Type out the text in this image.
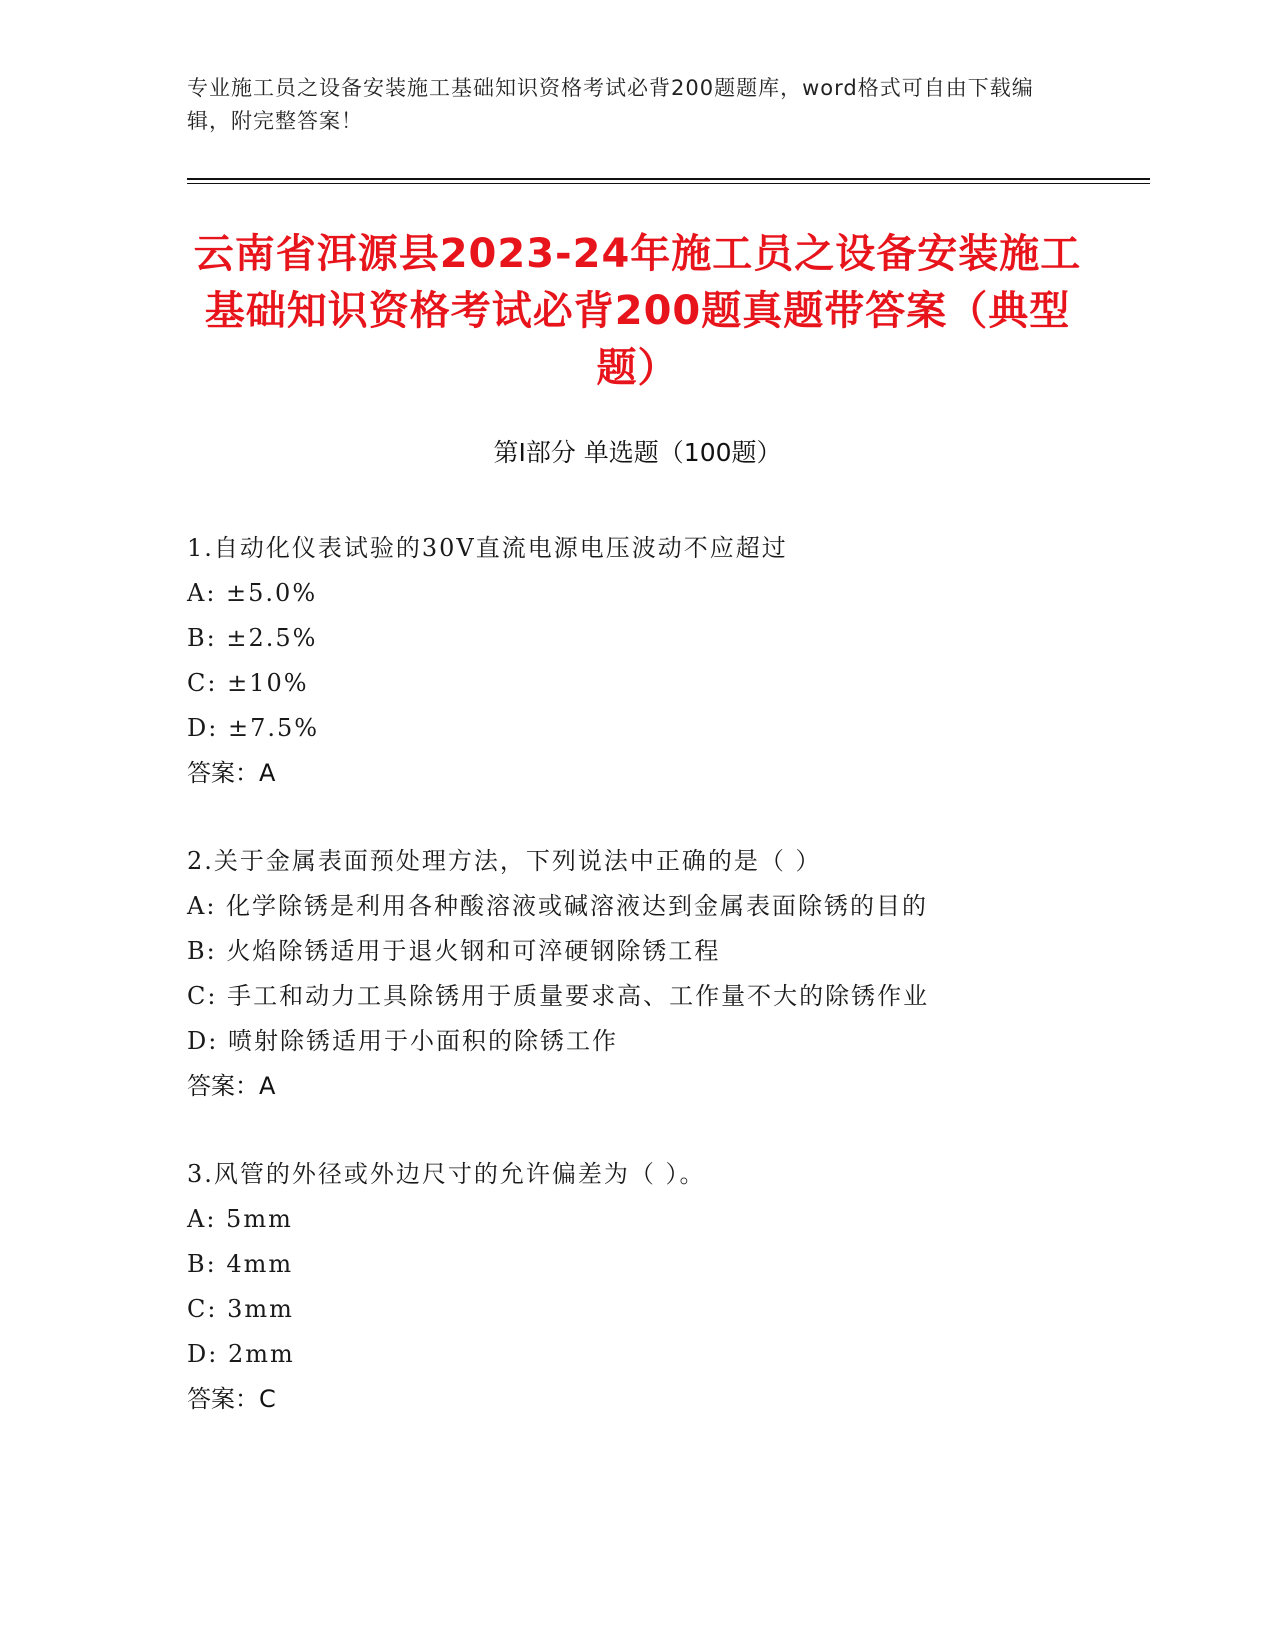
专业施工员之设备安装施工基础知识资格考试必背200题题库，word格式可自由下载编辑，附完整答案！
云南省洱源县2023-24年施工员之设备安装施工基础知识资格考试必背200题真题带答案（典型题）
第Ⅰ部分 单选题（100题）
1.自动化仪表试验的30V直流电源电压波动不应超过
A: ±5.0%
B: ±2.5%
C: ±10%
D: ±7.5%
答案：A
2.关于金属表面预处理方法，下列说法中正确的是（ ）
A: 化学除锈是利用各种酸溶液或碱溶液达到金属表面除锈的目的
B: 火焰除锈适用于退火钢和可淬硬钢除锈工程
C: 手工和动力工具除锈用于质量要求高、工作量不大的除锈作业
D: 喷射除锈适用于小面积的除锈工作
答案：A
3.风管的外径或外边尺寸的允许偏差为（ ）。
A: 5mm
B: 4mm
C: 3mm
D: 2mm
答案：C
